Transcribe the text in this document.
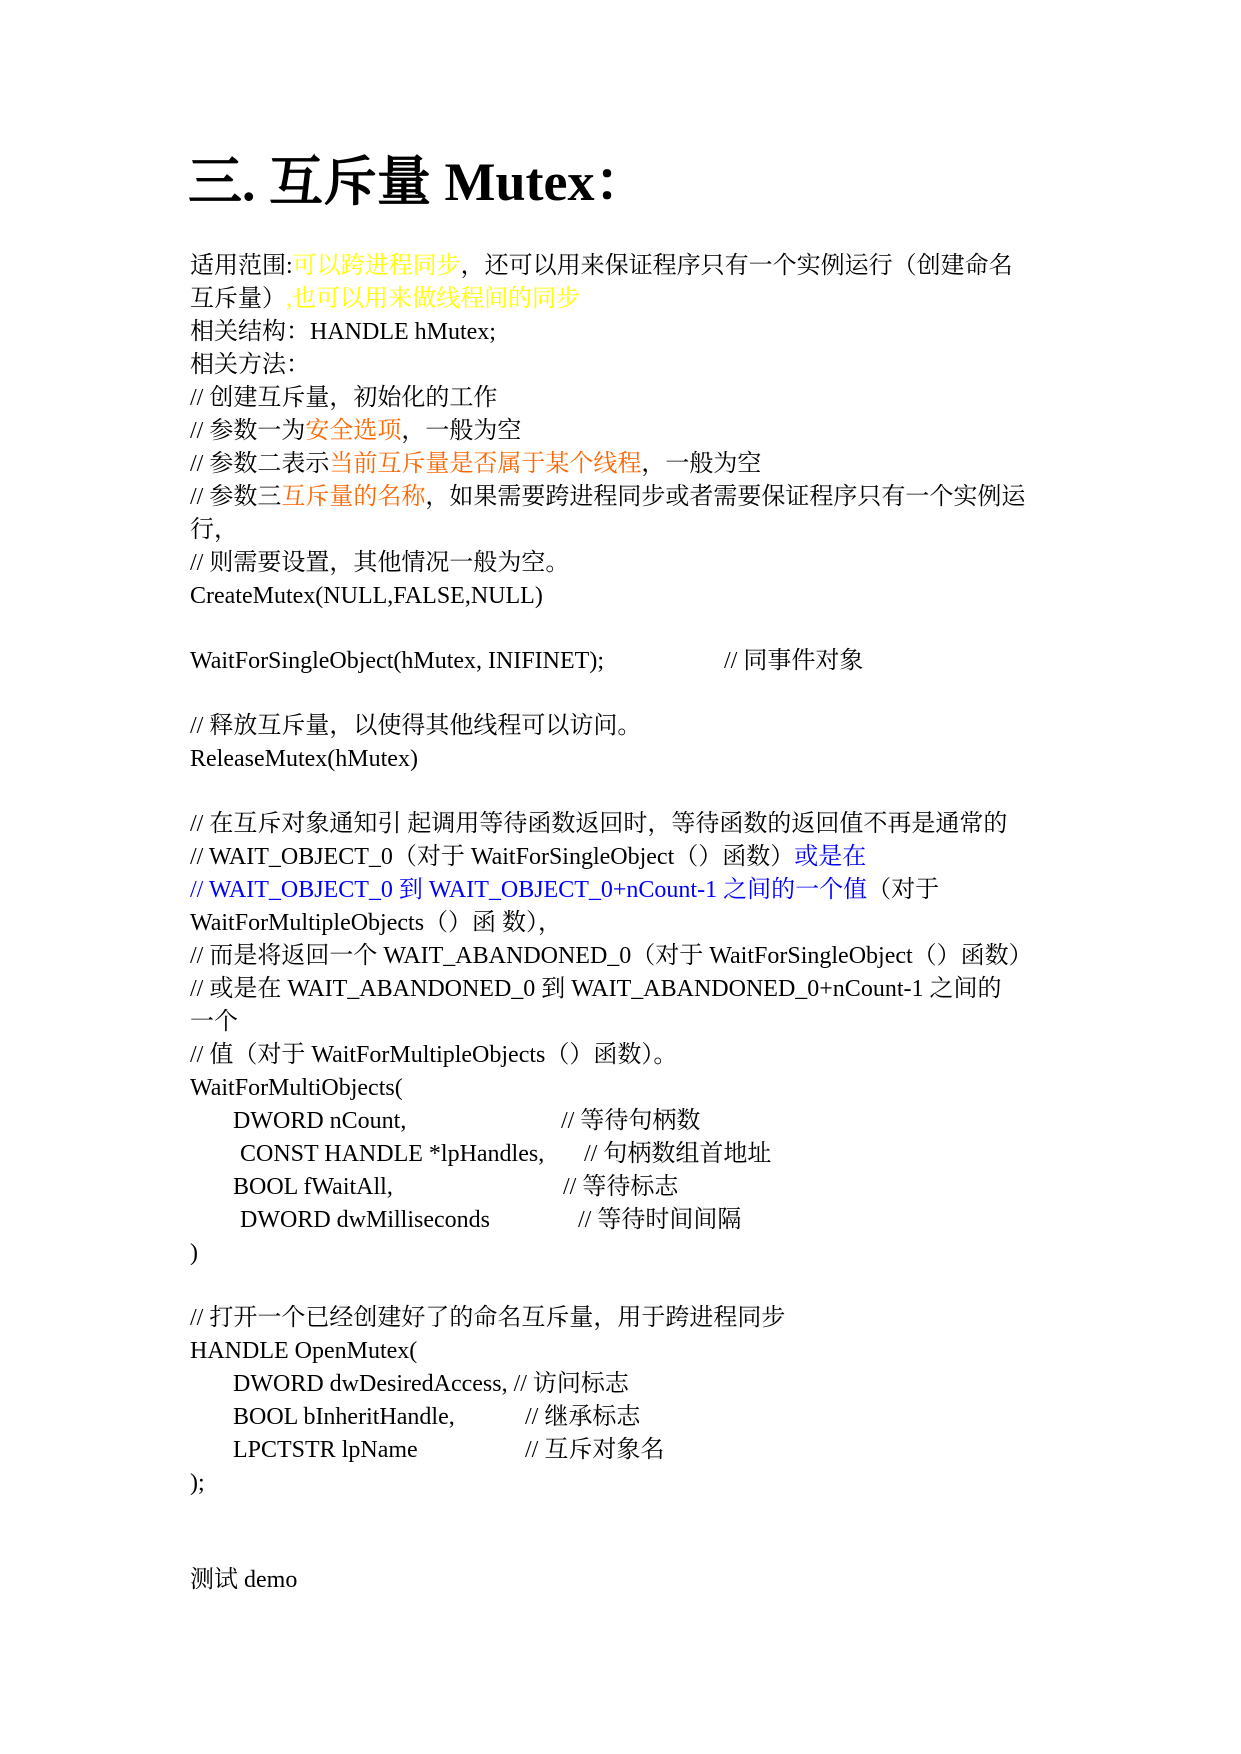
三. 互斥量 Mutex：
适用范围:可以跨进程同步，还可以用来保证程序只有一个实例运行（创建命名
互斥量）,也可以用来做线程间的同步
相关结构：HANDLE hMutex;
相关方法：
// 创建互斥量，初始化的工作
// 参数一为安全选项，一般为空
// 参数二表示当前互斥量是否属于某个线程，一般为空
// 参数三互斥量的名称，如果需要跨进程同步或者需要保证程序只有一个实例运
行，
// 则需要设置，其他情况一般为空。
CreateMutex(NULL,FALSE,NULL)
WaitForSingleObject(hMutex, INIFINET);	// 同事件对象
// 释放互斥量，以使得其他线程可以访问。
ReleaseMutex(hMutex)
// 在互斥对象通知引 起调用等待函数返回时，等待函数的返回值不再是通常的
// WAIT_OBJECT_0（对于 WaitForSingleObject（）函数）或是在
// WAIT_OBJECT_0 到 WAIT_OBJECT_0+nCount-1 之间的一个值（对于
WaitForMultipleObjects（）函 数），
// 而是将返回一个 WAIT_ABANDONED_0（对于 WaitForSingleObject（）函数）
// 或是在 WAIT_ABANDONED_0 到 WAIT_ABANDONED_0+nCount-1 之间的
一个
// 值（对于 WaitForMultipleObjects（）函数）。
WaitForMultiObjects(
DWORD nCount,	// 等待句柄数
CONST HANDLE *lpHandles, // 句柄数组首地址
BOOL fWaitAll,	// 等待标志
DWORD dwMilliseconds	// 等待时间间隔
)
// 打开一个已经创建好了的命名互斥量，用于跨进程同步
HANDLE OpenMutex(
DWORD dwDesiredAccess, // 访问标志
BOOL bInheritHandle,	// 继承标志
LPCTSTR lpName	// 互斥对象名
);
测试 demo
